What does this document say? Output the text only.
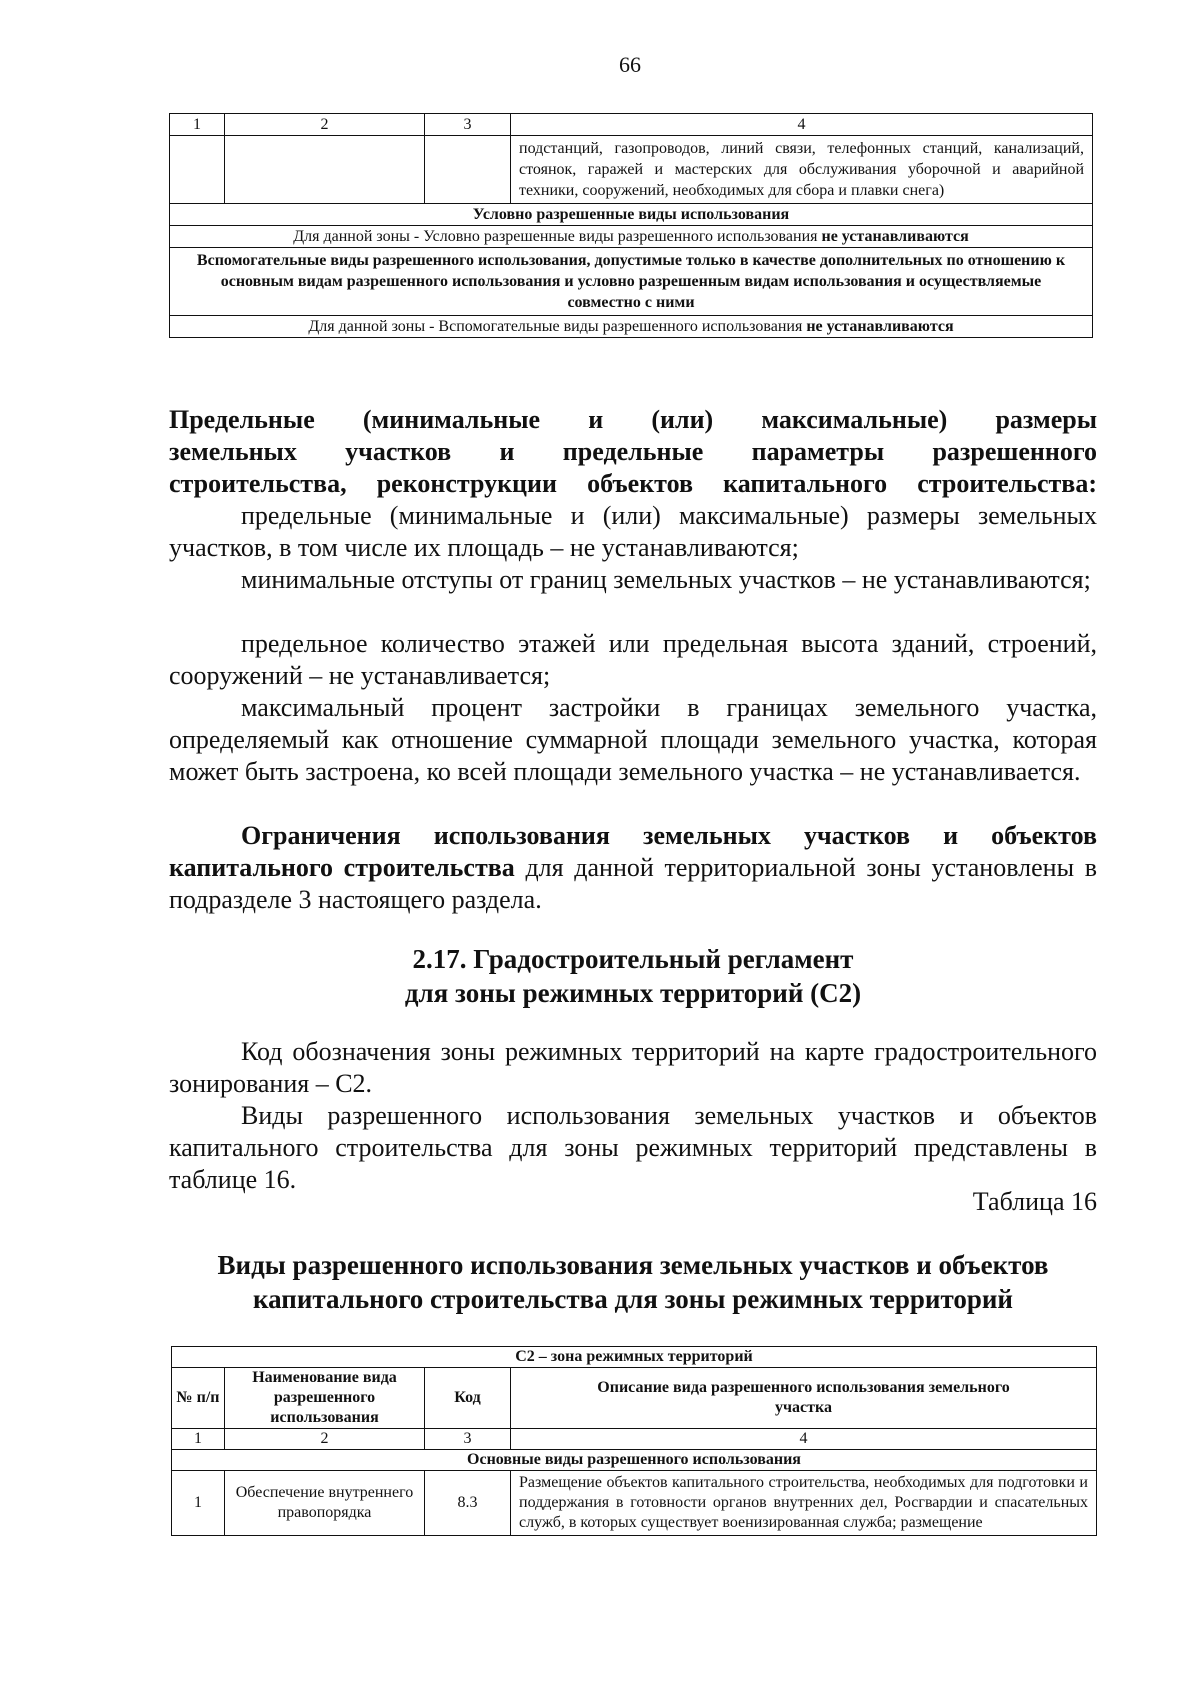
66
1	2	3	4
			подстанций, газопроводов, линий связи, телефонных станций, канализаций, стоянок, гаражей и мастерских для обслуживания уборочной и аварийной техники, сооружений, необходимых для сбора и плавки снега)
Условно разрешенные виды использования			
Для данной зоны - Условно разрешенные виды разрешенного использования не устанавливаются			
Вспомогательные виды разрешенного использования, допустимые только в качестве дополнительных по отношению к основным видам разрешенного использования и условно разрешенным видам использования и осуществляемые совместно с ними			
Для данной зоны - Вспомогательные виды разрешенного использования не устанавливаются			
Предельные (минимальные и (или) максимальные) размеры
земельных участков и предельные параметры разрешенного
строительства, реконструкции объектов капитального строительства:
предельные (минимальные и (или) максимальные) размеры земельных участков, в том числе их площадь – не устанавливаются;
минимальные отступы от границ земельных участков – не устанавливаются;
предельное количество этажей или предельная высота зданий, строений, сооружений – не устанавливается;
максимальный процент застройки в границах земельного участка, определяемый как отношение суммарной площади земельного участка, которая может быть застроена, ко всей площади земельного участка – не устанавливается.
Ограничения использования земельных участков и объектов капитального строительства для данной территориальной зоны установлены в подразделе 3 настоящего раздела.
2.17. Градостроительный регламент
для зоны режимных территорий (С2)
Код обозначения зоны режимных территорий на карте градостроительного зонирования – С2.
Виды разрешенного использования земельных участков и объектов капитального строительства для зоны режимных территорий представлены в таблице 16.
Таблица 16
Виды разрешенного использования земельных участков и объектов
капитального строительства для зоны режимных территорий
С2 – зона режимных территорий			
№ п/п	Наименование вида разрешенного использования	Код	Описание вида разрешенного использования земельного участка
1	2	3	4
Основные виды разрешенного использования			
1	Обеспечение внутреннего правопорядка	8.3	Размещение объектов капитального строительства, необходимых для подготовки и поддержания в готовности органов внутренних дел, Росгвардии и спасательных служб, в которых существует военизированная служба; размещение
